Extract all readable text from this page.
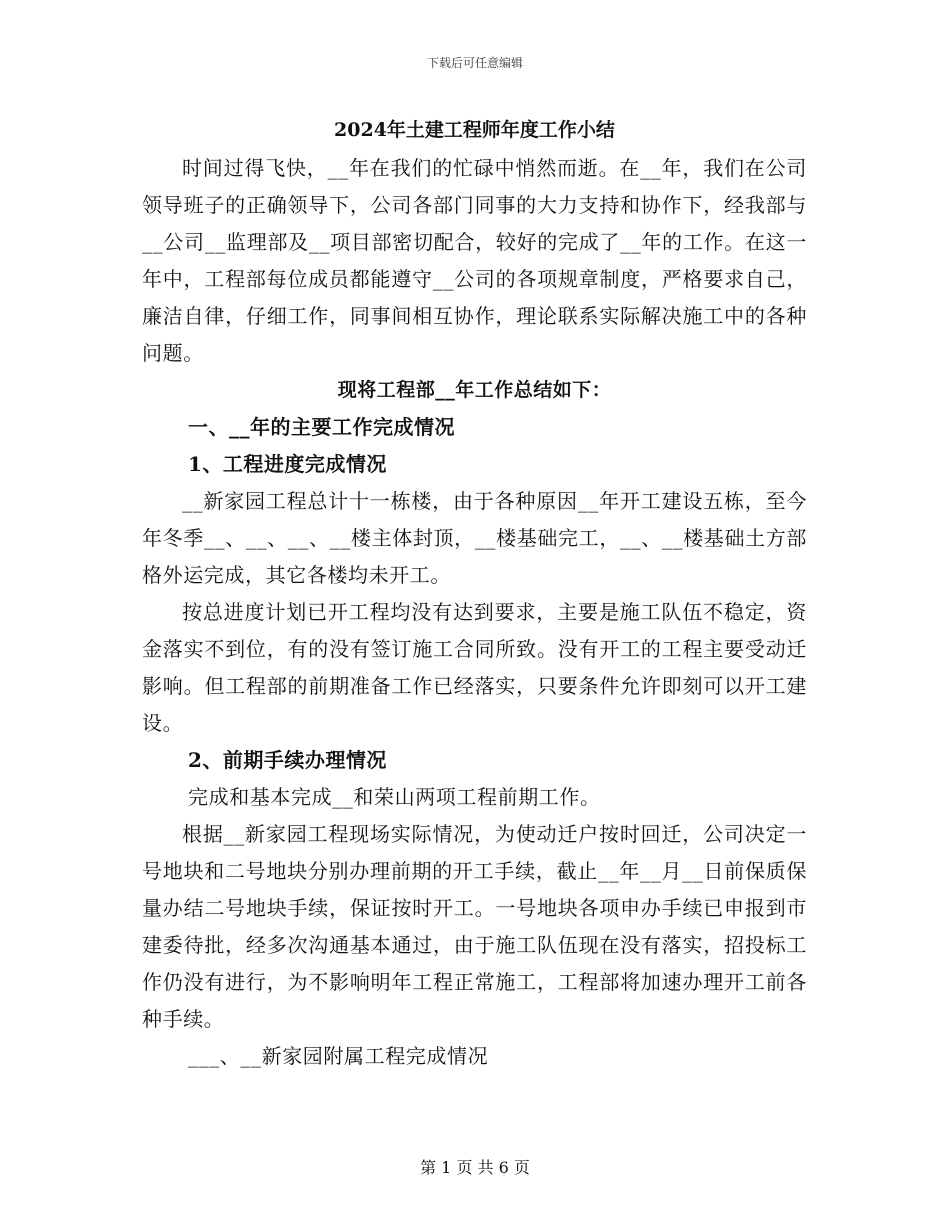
下载后可任意编辑
2024年土建工程师年度工作小结

时间过得飞快，__年在我们的忙碌中悄然而逝。在__年，我们在公司领导班子的正确领导下，公司各部门同事的大力支持和协作下，经我部与__公司__监理部及__项目部密切配合，较好的完成了__年的工作。在这一年中，工程部每位成员都能遵守__公司的各项规章制度，严格要求自己，廉洁自律，仔细工作，同事间相互协作，理论联系实际解决施工中的各种问题。

现将工程部__年工作总结如下：

一、__年的主要工作完成情况

1、工程进度完成情况

__新家园工程总计十一栋楼，由于各种原因__年开工建设五栋，至今年冬季__、__、__、__楼主体封顶，__楼基础完工，__、__楼基础土方部格外运完成，其它各楼均未开工。

按总进度计划已开工程均没有达到要求，主要是施工队伍不稳定，资金落实不到位，有的没有签订施工合同所致。没有开工的工程主要受动迁影响。但工程部的前期准备工作已经落实，只要条件允许即刻可以开工建设。

2、前期手续办理情况

完成和基本完成__和荣山两项工程前期工作。

根据__新家园工程现场实际情况，为使动迁户按时回迁，公司决定一号地块和二号地块分别办理前期的开工手续，截止__年__月__日前保质保量办结二号地块手续，保证按时开工。一号地块各项申办手续已申报到市建委待批，经多次沟通基本通过，由于施工队伍现在没有落实，招投标工作仍没有进行，为不影响明年工程正常施工，工程部将加速办理开工前各种手续。

___、__新家园附属工程完成情况

第 1 页 共 6 页
